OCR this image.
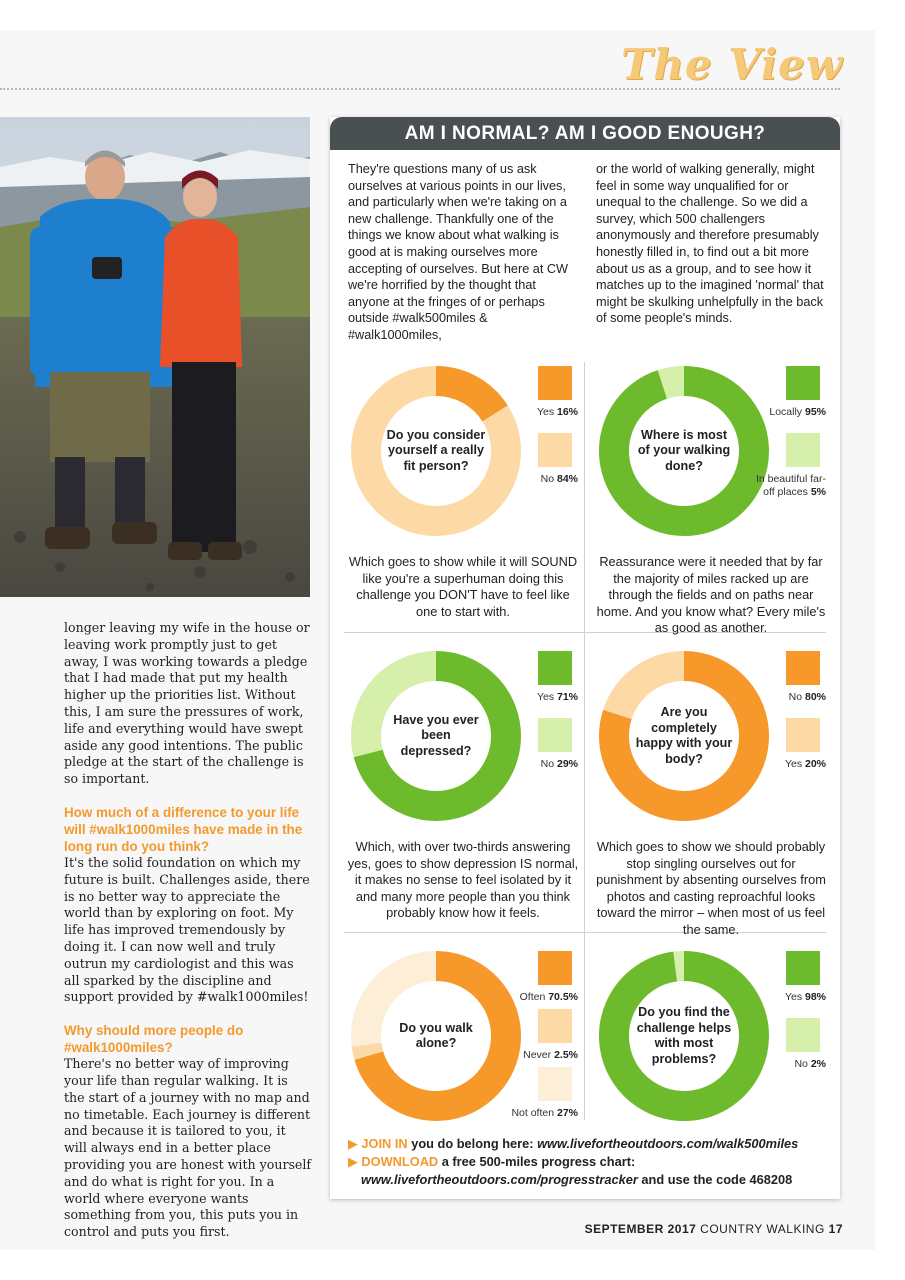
The View

longer leaving my wife in the house or leaving work promptly just to get away, I was working towards a pledge that I had made that put my health higher up the priorities list. Without this, I am sure the pressures of work, life and everything would have swept aside any good intentions. The public pledge at the start of the challenge is so important.

How much of a difference to your life will #walk1000miles have made in the long run do you think?

It's the solid foundation on which my future is built. Challenges aside, there is no better way to appreciate the world than by exploring on foot. My life has improved tremendously by doing it. I can now well and truly outrun my cardiologist and this was all sparked by the discipline and support provided by #walk1000miles!

Why should more people do #walk1000miles?

There's no better way of improving your life than regular walking. It is the start of a journey with no map and no timetable. Each journey is different and because it is tailored to you, it will always end in a better place providing you are honest with yourself and do what is right for you. In a world where everyone wants something from you, this puts you in control and puts you first.

AM I NORMAL? AM I GOOD ENOUGH?
They're questions many of us ask ourselves at various points in our lives, and particularly when we're taking on a new challenge. Thankfully one of the things we know about what walking is good at is making ourselves more accepting of ourselves. But here at CW we're horrified by the thought that anyone at the fringes of or perhaps outside #walk500miles & #walk1000miles,
or the world of walking generally, might feel in some way unqualified for or unequal to the challenge. So we did a survey, which 500 challengers anonymously and therefore presumably honestly filled in, to find out a bit more about us as a group, and to see how it matches up to the imagined 'normal' that might be skulking unhelpfully in the back of some people's minds.
Do you consider yourself a really fit person?
Yes 16%
No 84%
Which goes to show while it will SOUND like you're a superhuman doing this challenge you DON'T have to feel like one to start with.
Where is most of your walking done?
Locally 95%
In beautiful far-off places 5%
Reassurance were it needed that by far the majority of miles racked up are through the fields and on paths near home. And you know what? Every mile's as good as another.
Have you ever been depressed?
Yes 71%
No 29%
Which, with over two-thirds answering yes, goes to show depression IS normal, it makes no sense to feel isolated by it and many more people than you think probably know how it feels.
Are you completely happy with your body?
No 80%
Yes 20%
Which goes to show we should probably stop singling ourselves out for punishment by absenting ourselves from photos and casting reproachful looks toward the mirror – when most of us feel the same.
Do you walk alone?
Often 70.5%
Never 2.5%
Not often 27%
Do you find the challenge helps with most problems?
Yes 98%
No 2%
▶ JOIN IN you do belong here: www.livefortheoutdoors.com/walk500miles
▶ DOWNLOAD a free 500-miles progress chart:
www.livefortheoutdoors.com/progresstracker and use the code 468208
SEPTEMBER 2017 COUNTRY WALKING 17
